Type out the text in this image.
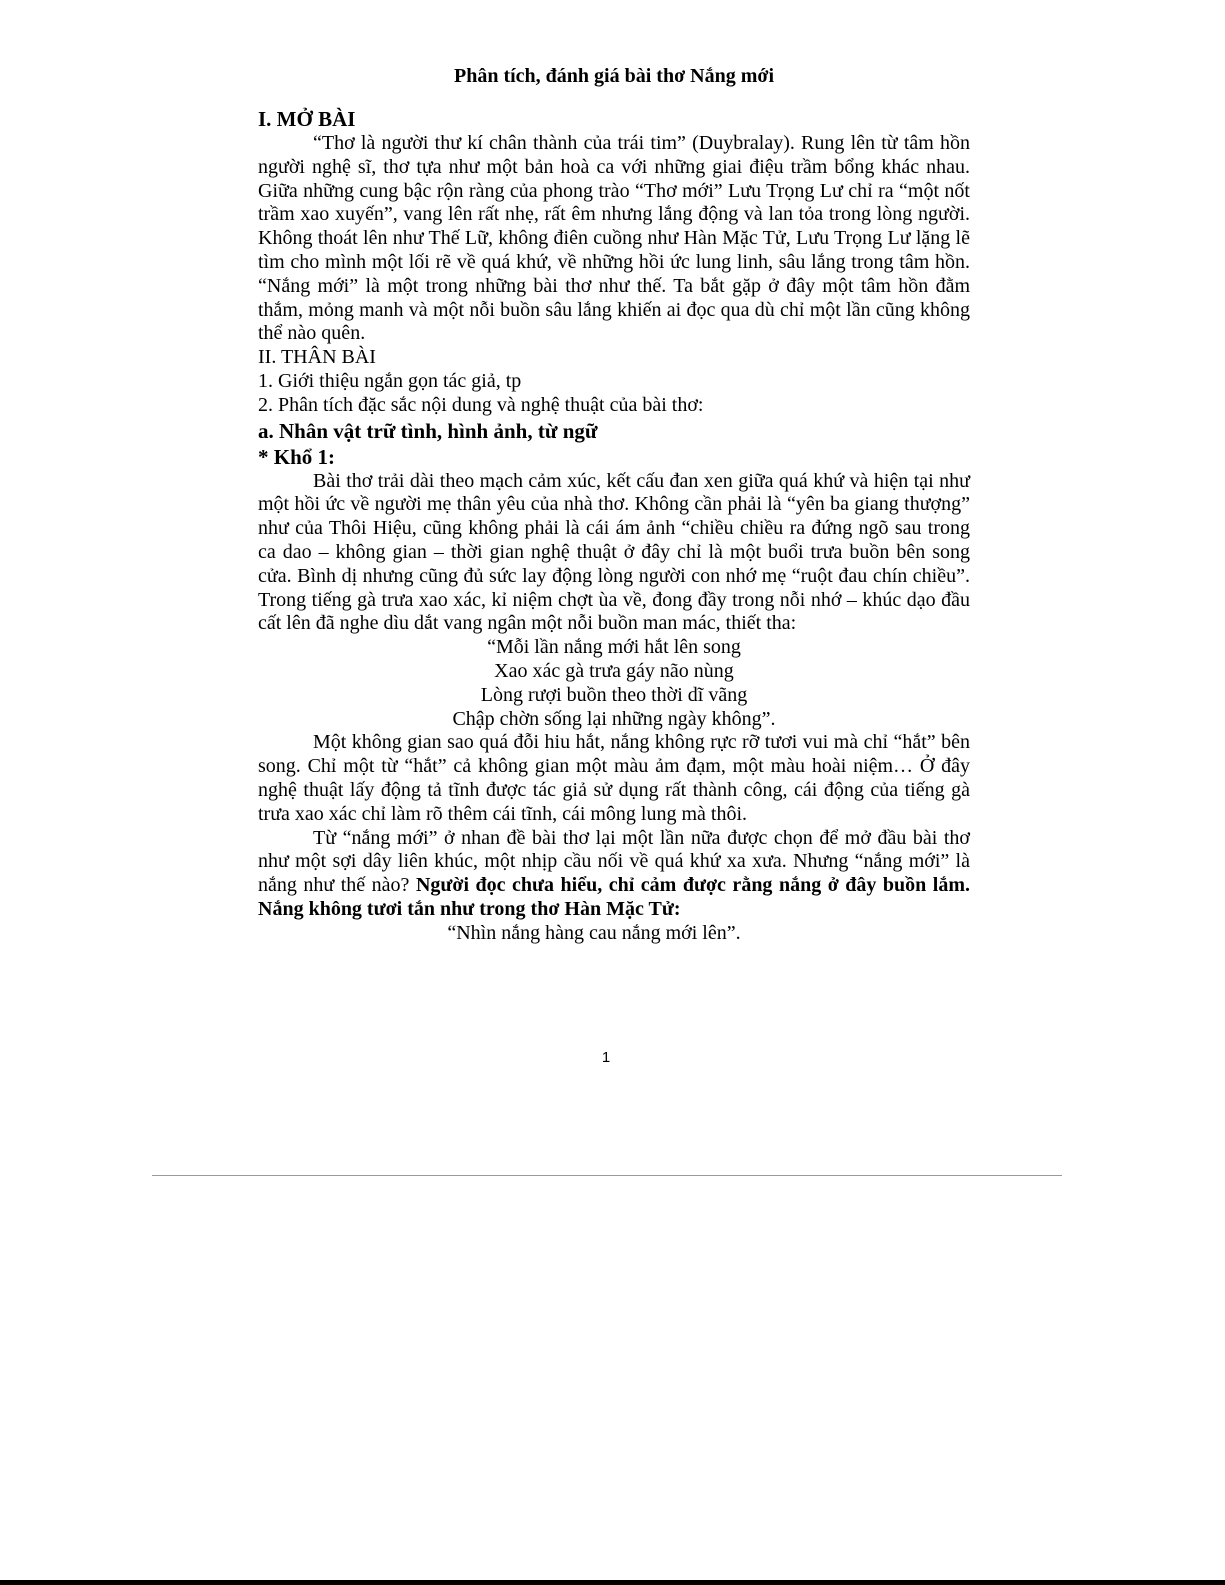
Phân tích, đánh giá bài thơ Nắng mới

I. MỞ BÀI

“Thơ là người thư kí chân thành của trái tim” (Duybralay). Rung lên từ tâm hồn người nghệ sĩ, thơ tựa như một bản hoà ca với những giai điệu trầm bổng khác nhau. Giữa những cung bậc rộn ràng của phong trào “Thơ mới” Lưu Trọng Lư chỉ ra “một nốt trầm xao xuyến”, vang lên rất nhẹ, rất êm nhưng lắng động và lan tỏa trong lòng người. Không thoát lên như Thế Lữ, không điên cuồng như Hàn Mặc Tử, Lưu Trọng Lư lặng lẽ tìm cho mình một lối rẽ về quá khứ, về những hồi ức lung linh, sâu lắng trong tâm hồn. “Nắng mới” là một trong những bài thơ như thế. Ta bắt gặp ở đây một tâm hồn đằm thắm, mỏng manh và một nỗi buồn sâu lắng khiến ai đọc qua dù chỉ một lần cũng không thể nào quên.

II. THÂN BÀI

1. Giới thiệu ngắn gọn tác giả, tp

2. Phân tích đặc sắc nội dung và nghệ thuật của bài thơ:

a. Nhân vật trữ tình, hình ảnh, từ ngữ

* Khổ 1:

Bài thơ trải dài theo mạch cảm xúc, kết cấu đan xen giữa quá khứ và hiện tại như một hồi ức về người mẹ thân yêu của nhà thơ. Không cần phải là “yên ba giang thượng” như của Thôi Hiệu, cũng không phải là cái ám ảnh “chiều chiều ra đứng ngõ sau trong ca dao – không gian – thời gian nghệ thuật ở đây chỉ là một buổi trưa buồn bên song cửa. Bình dị nhưng cũng đủ sức lay động lòng người con nhớ mẹ “ruột đau chín chiều”. Trong tiếng gà trưa xao xác, kỉ niệm chợt ùa về, đong đầy trong nỗi nhớ – khúc dạo đầu cất lên đã nghe dìu dắt vang ngân một nỗi buồn man mác, thiết tha:

“Mỗi lần nắng mới hắt lên song
Xao xác gà trưa gáy não nùng
Lòng rượi buồn theo thời dĩ vãng
Chập chờn sống lại những ngày không”.

Một không gian sao quá đỗi hiu hắt, nắng không rực rỡ tươi vui mà chỉ “hắt” bên song. Chỉ một từ “hắt” cả không gian một màu ảm đạm, một màu hoài niệm… Ở đây nghệ thuật lấy động tả tĩnh được tác giả sử dụng rất thành công, cái động của tiếng gà trưa xao xác chỉ làm rõ thêm cái tĩnh, cái mông lung mà thôi.

Từ “nắng mới” ở nhan đề bài thơ lại một lần nữa được chọn để mở đầu bài thơ như một sợi dây liên khúc, một nhịp cầu nối về quá khứ xa xưa. Nhưng “nắng mới” là nắng như thế nào? Người đọc chưa hiểu, chỉ cảm được rằng nắng ở đây buồn lắm. Nắng không tươi tắn như trong thơ Hàn Mặc Tử:

“Nhìn nắng hàng cau nắng mới lên”.

1
